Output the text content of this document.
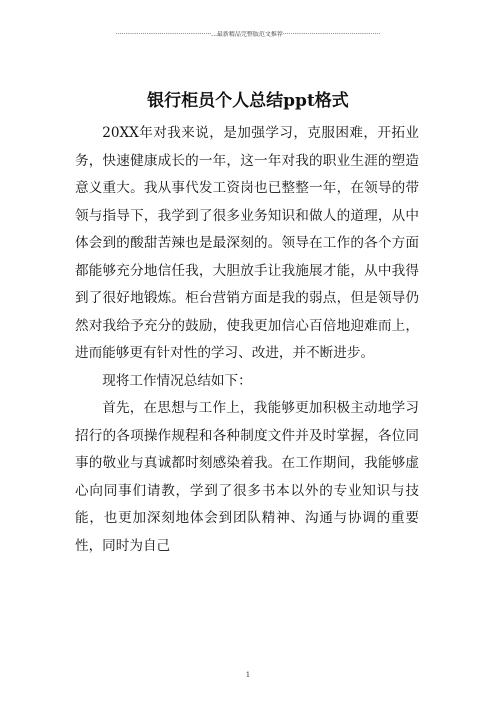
··················································...最新精品完整版范文推荐···················································
银行柜员个人总结ppt格式

20XX年对我来说，是加强学习，克服困难，开拓业务，快速健康成长的一年，这一年对我的职业生涯的塑造意义重大。我从事代发工资岗也已整整一年，在领导的带领与指导下，我学到了很多业务知识和做人的道理，从中体会到的酸甜苦辣也是最深刻的。领导在工作的各个方面都能够充分地信任我，大胆放手让我施展才能，从中我得到了很好地锻炼。柜台营销方面是我的弱点，但是领导仍然对我给予充分的鼓励，使我更加信心百倍地迎难而上，进而能够更有针对性的学习、改进，并不断进步。

现将工作情况总结如下：

首先，在思想与工作上，我能够更加积极主动地学习招行的各项操作规程和各种制度文件并及时掌握，各位同事的敬业与真诚都时刻感染着我。在工作期间，我能够虚心向同事们请教，学到了很多书本以外的专业知识与技能，也更加深刻地体会到团队精神、沟通与协调的重要性，同时为自己

1
